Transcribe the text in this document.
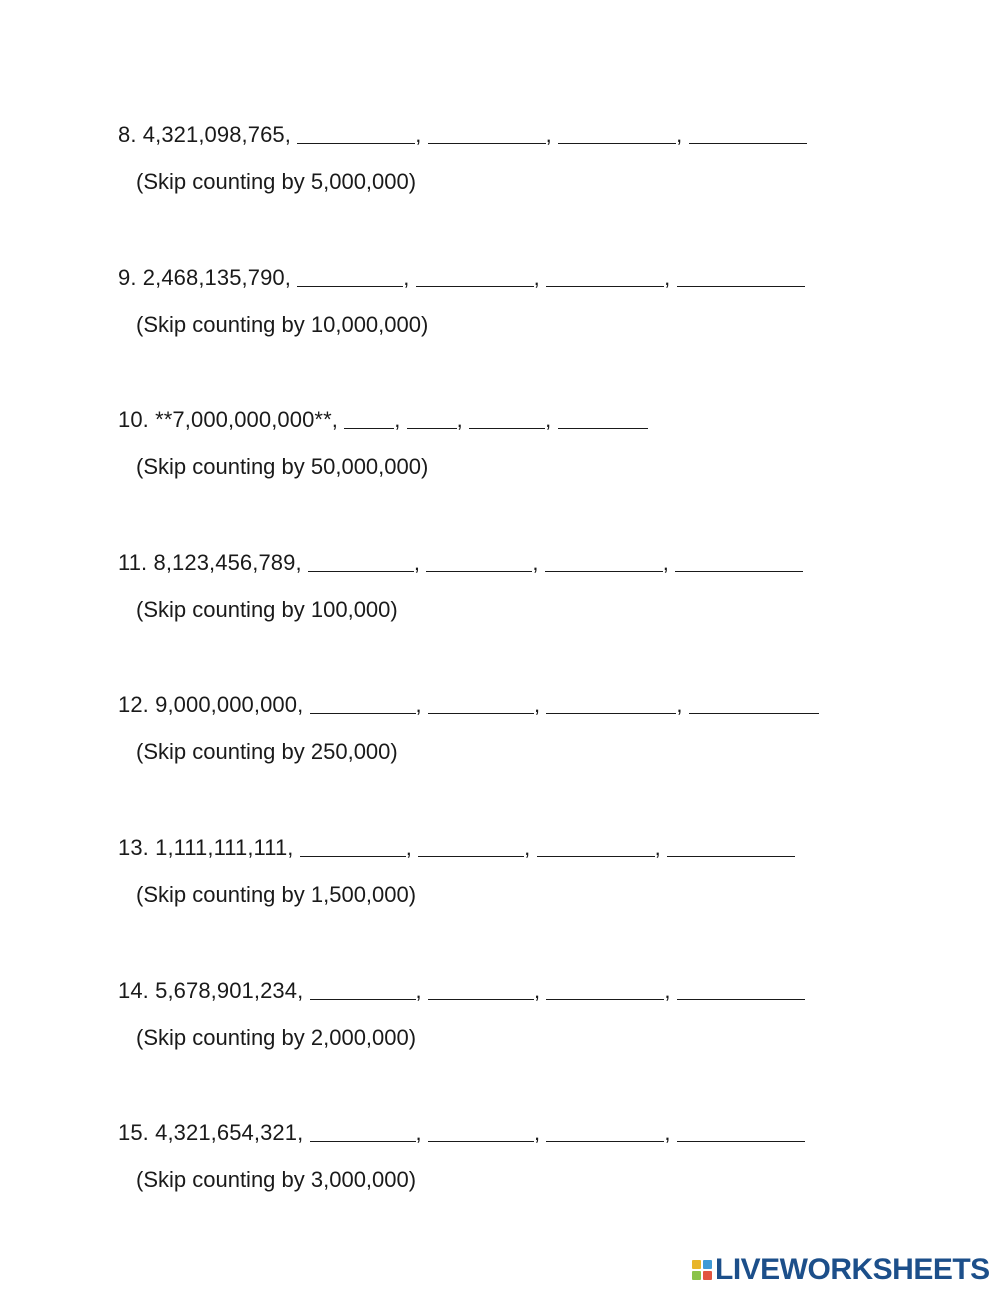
8. 4,321,098,765,	,	,	,
(Skip counting by 5,000,000)
9. 2,468,135,790,	,	,	,
(Skip counting by 10,000,000)
10. **7,000,000,000**,	,
,	,
(Skip counting by 50,000,000)
11. 8,123,456,789,	,	,	,
(Skip counting by 100,000)
12. 9,000,000,000,	,	,	,
(Skip counting by 250,000)
13. 1,111,111,111,	,	,	,
(Skip counting by 1,500,000)
14. 5,678,901,234,	,	,	,
(Skip counting by 2,000,000)
15. 4,321,654,321,	,	,	,
(Skip counting by 3,000,000)
LIVEWORKSHEETS
